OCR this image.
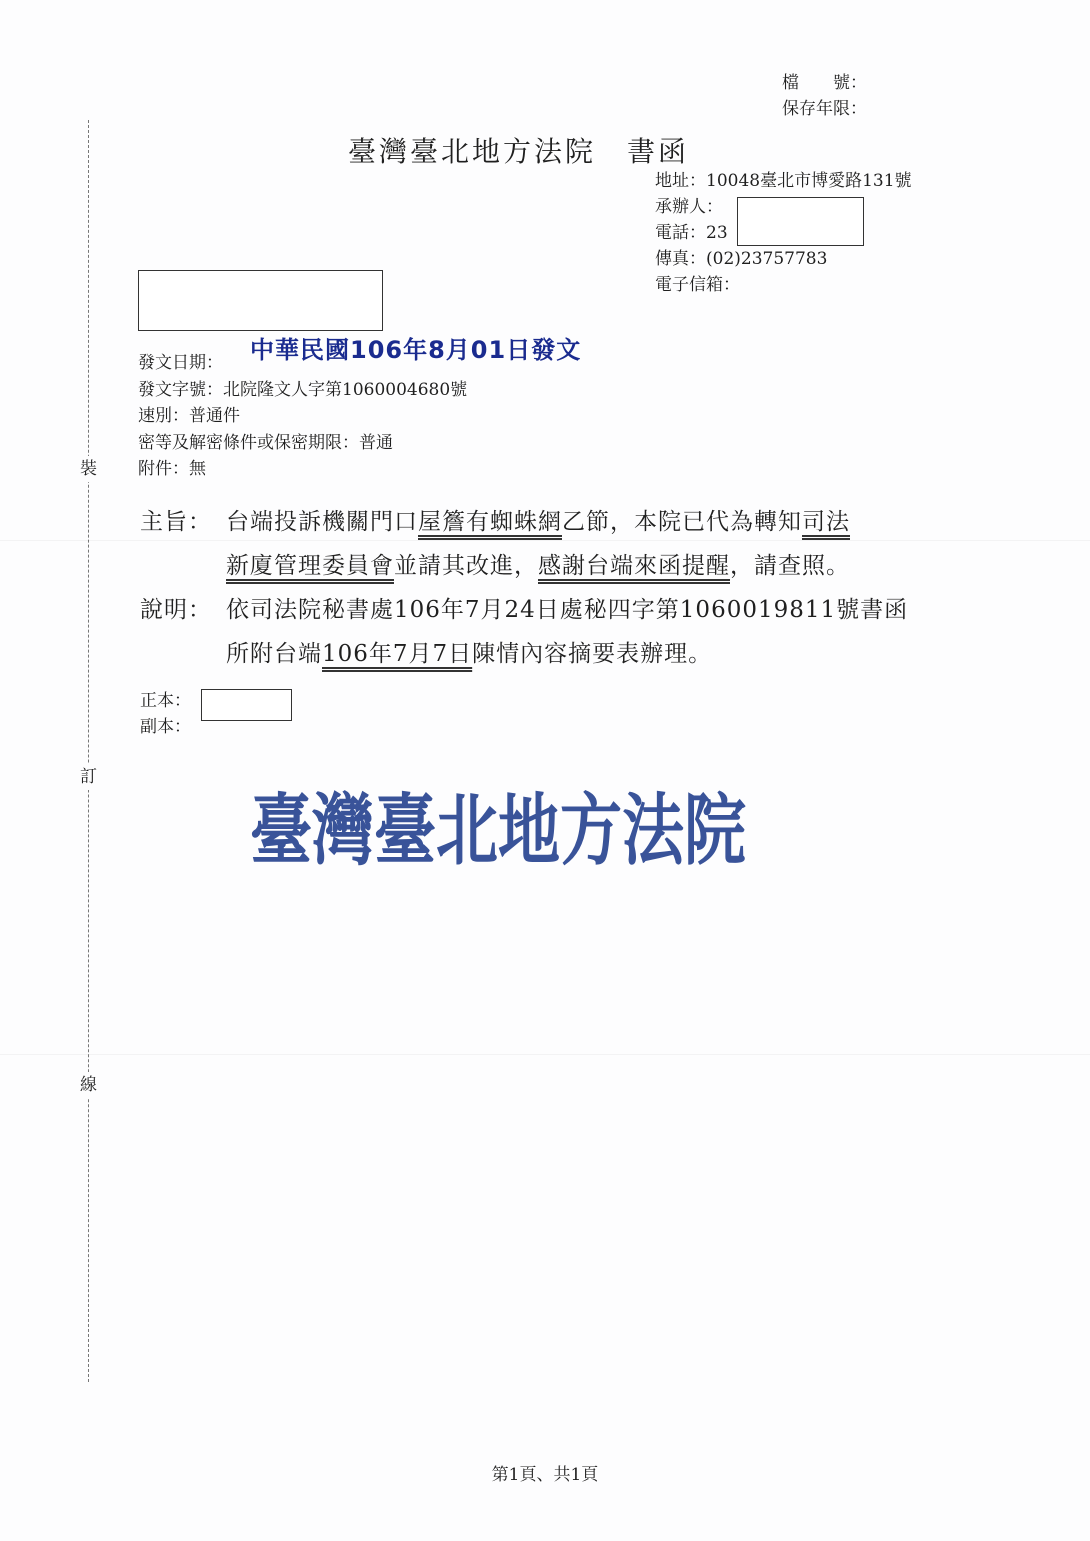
裝
訂
線
檔　　號：
保存年限：
臺灣臺北地方法院　書函
地址：10048臺北市博愛路131號
承辦人：
電話：23
傳真：(02)23757783
電子信箱：
中華民國106年8月01日發文
發文日期：
發文字號：北院隆文人字第1060004680號
速別：普通件
密等及解密條件或保密期限：普通
附件：無
主旨： 台端投訴機關門口屋簷有蜘蛛網乙節，本院已代為轉知司法
新廈管理委員會並請其改進，感謝台端來函提醒，請查照。
說明： 依司法院秘書處106年7月24日處秘四字第1060019811號書函
所附台端106年7月7日陳情內容摘要表辦理。
正本：
副本：
臺灣臺北地方法院
第1頁、共1頁
